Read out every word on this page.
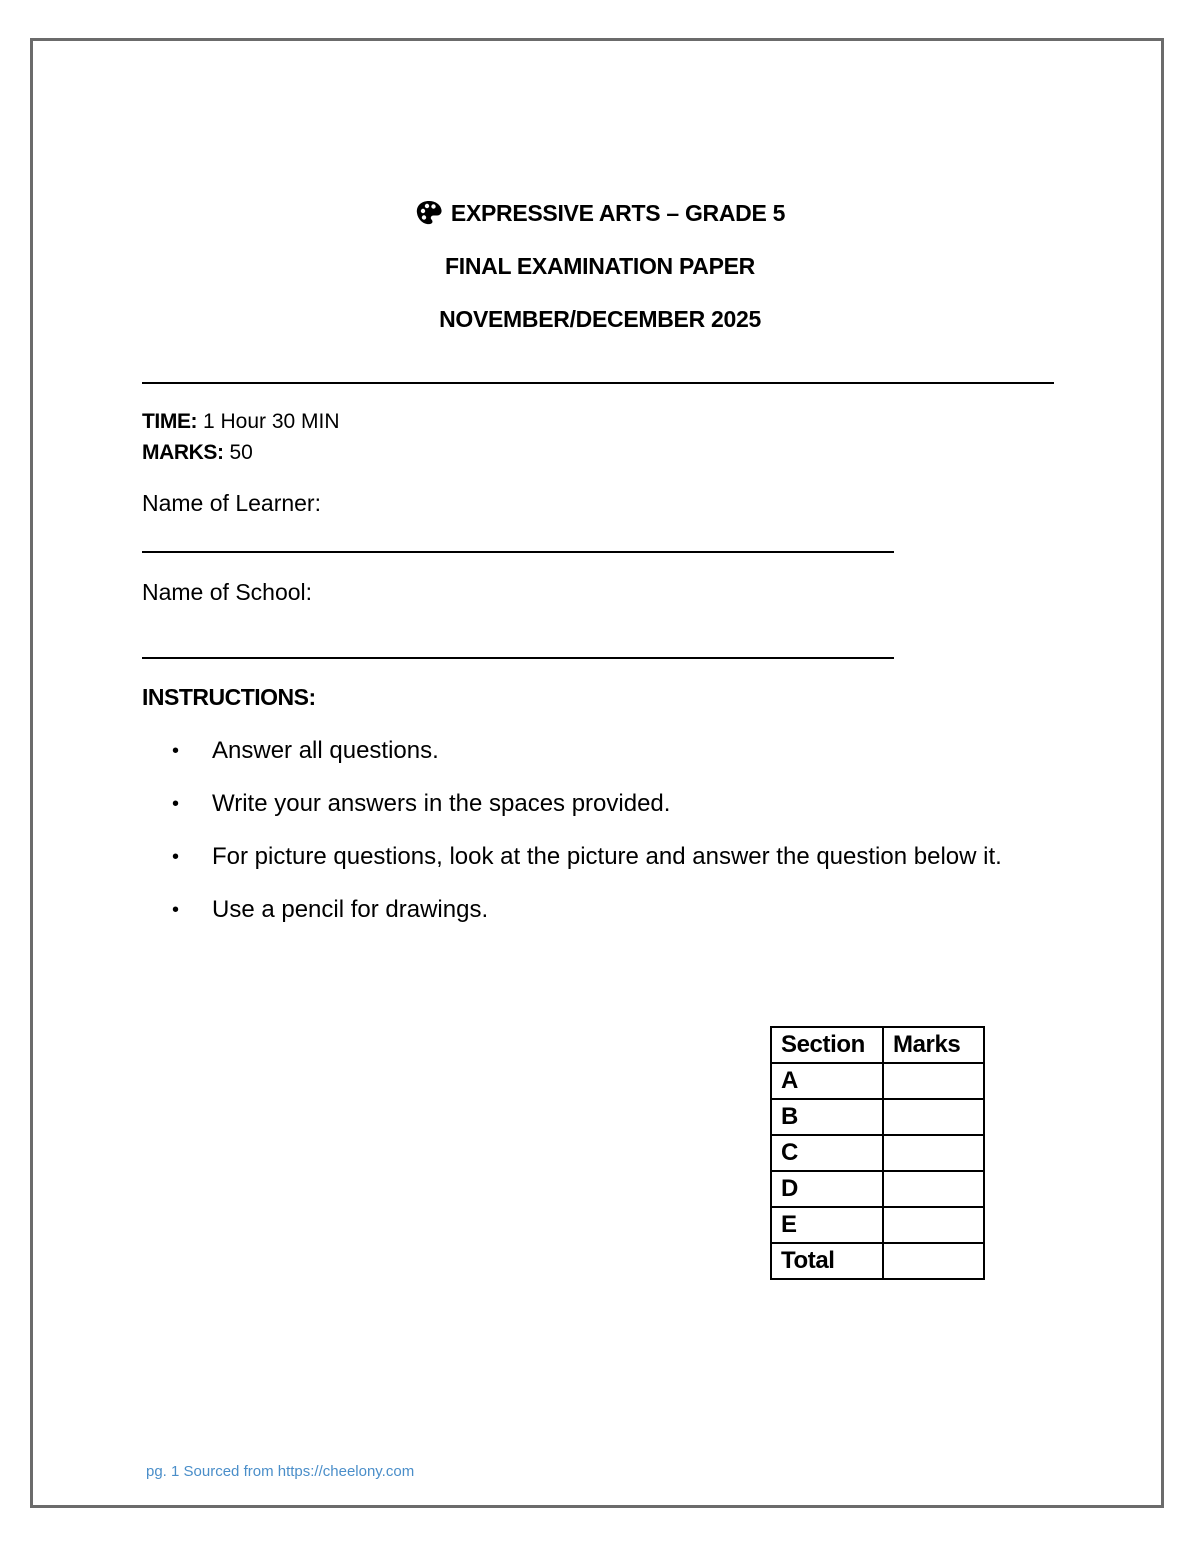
EXPRESSIVE ARTS – GRADE 5
FINAL EXAMINATION PAPER
NOVEMBER/DECEMBER 2025
TIME: 1 Hour 30 MIN
MARKS: 50
Name of Learner:
Name of School:
INSTRUCTIONS:
•	Answer all questions.
•	Write your answers in the spaces provided.
•	For picture questions, look at the picture and answer the question below it.
•	Use a pencil for drawings.
Section	Marks
A	
B	
C	
D	
E	
Total	
pg. 1 Sourced from https://cheelony.com
